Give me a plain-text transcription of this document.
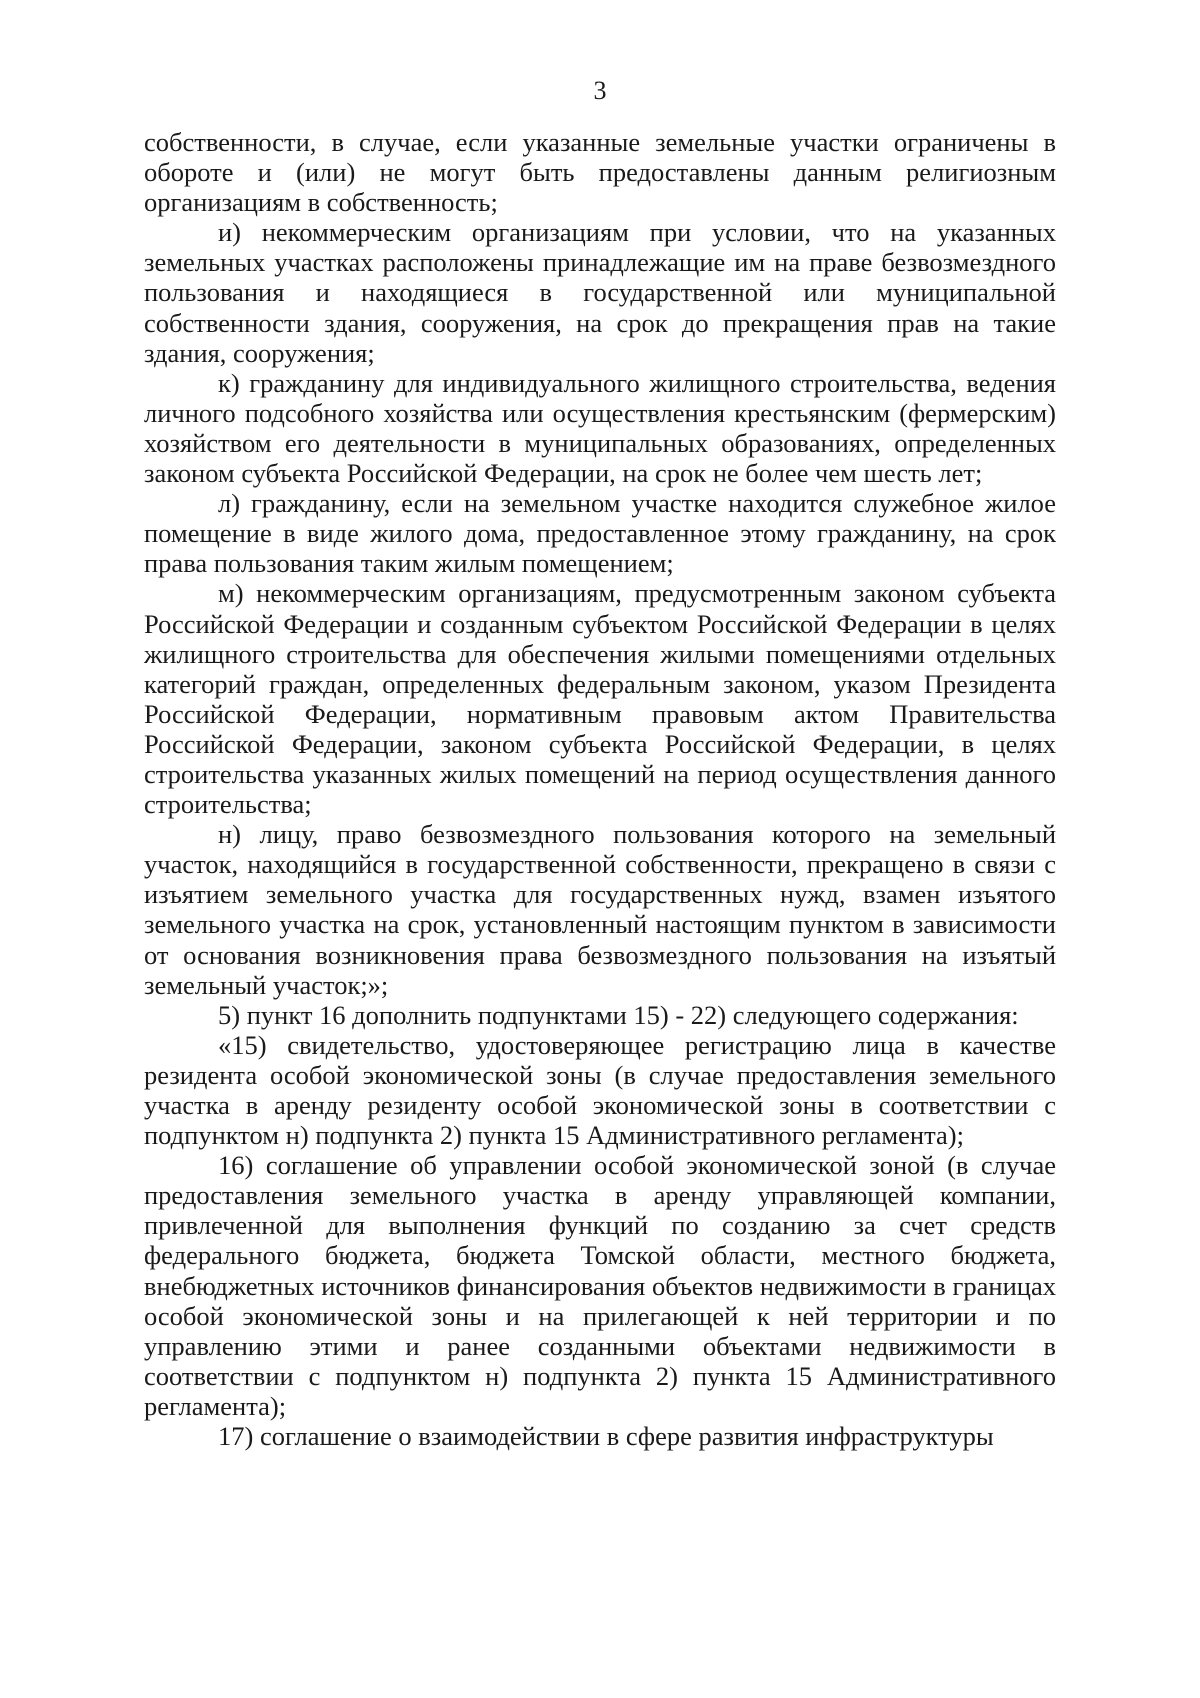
3

собственности, в случае, если указанные земельные участки ограничены в обороте и (или) не могут быть предоставлены данным религиозным организациям в собственность;

и) некоммерческим организациям при условии, что на указанных земельных участках расположены принадлежащие им на праве безвозмездного пользования и находящиеся в государственной или муниципальной собственности здания, сооружения, на срок до прекращения прав на такие здания, сооружения;

к) гражданину для индивидуального жилищного строительства, ведения личного подсобного хозяйства или осуществления крестьянским (фермерским) хозяйством его деятельности в муниципальных образованиях, определенных законом субъекта Российской Федерации, на срок не более чем шесть лет;

л) гражданину, если на земельном участке находится служебное жилое помещение в виде жилого дома, предоставленное этому гражданину, на срок права пользования таким жилым помещением;

м) некоммерческим организациям, предусмотренным законом субъекта Российской Федерации и созданным субъектом Российской Федерации в целях жилищного строительства для обеспечения жилыми помещениями отдельных категорий граждан, определенных федеральным законом, указом Президента Российской Федерации, нормативным правовым актом Правительства Российской Федерации, законом субъекта Российской Федерации, в целях строительства указанных жилых помещений на период осуществления данного строительства;

н) лицу, право безвозмездного пользования которого на земельный участок, находящийся в государственной собственности, прекращено в связи с изъятием земельного участка для государственных нужд, взамен изъятого земельного участка на срок, установленный настоящим пунктом в зависимости от основания возникновения права безвозмездного пользования на изъятый земельный участок;»;

5) пункт 16 дополнить подпунктами 15) - 22) следующего содержания:

«15) свидетельство, удостоверяющее регистрацию лица в качестве резидента особой экономической зоны (в случае предоставления земельного участка в аренду резиденту особой экономической зоны в соответствии с подпунктом н) подпункта 2) пункта 15 Административного регламента);

16) соглашение об управлении особой экономической зоной (в случае предоставления земельного участка в аренду управляющей компании, привлеченной для выполнения функций по созданию за счет средств федерального бюджета, бюджета Томской области, местного бюджета, внебюджетных источников финансирования объектов недвижимости в границах особой экономической зоны и на прилегающей к ней территории и по управлению этими и ранее созданными объектами недвижимости в соответствии с подпунктом н) подпункта 2) пункта 15 Административного регламента);

17) соглашение о взаимодействии в сфере развития инфраструктуры
